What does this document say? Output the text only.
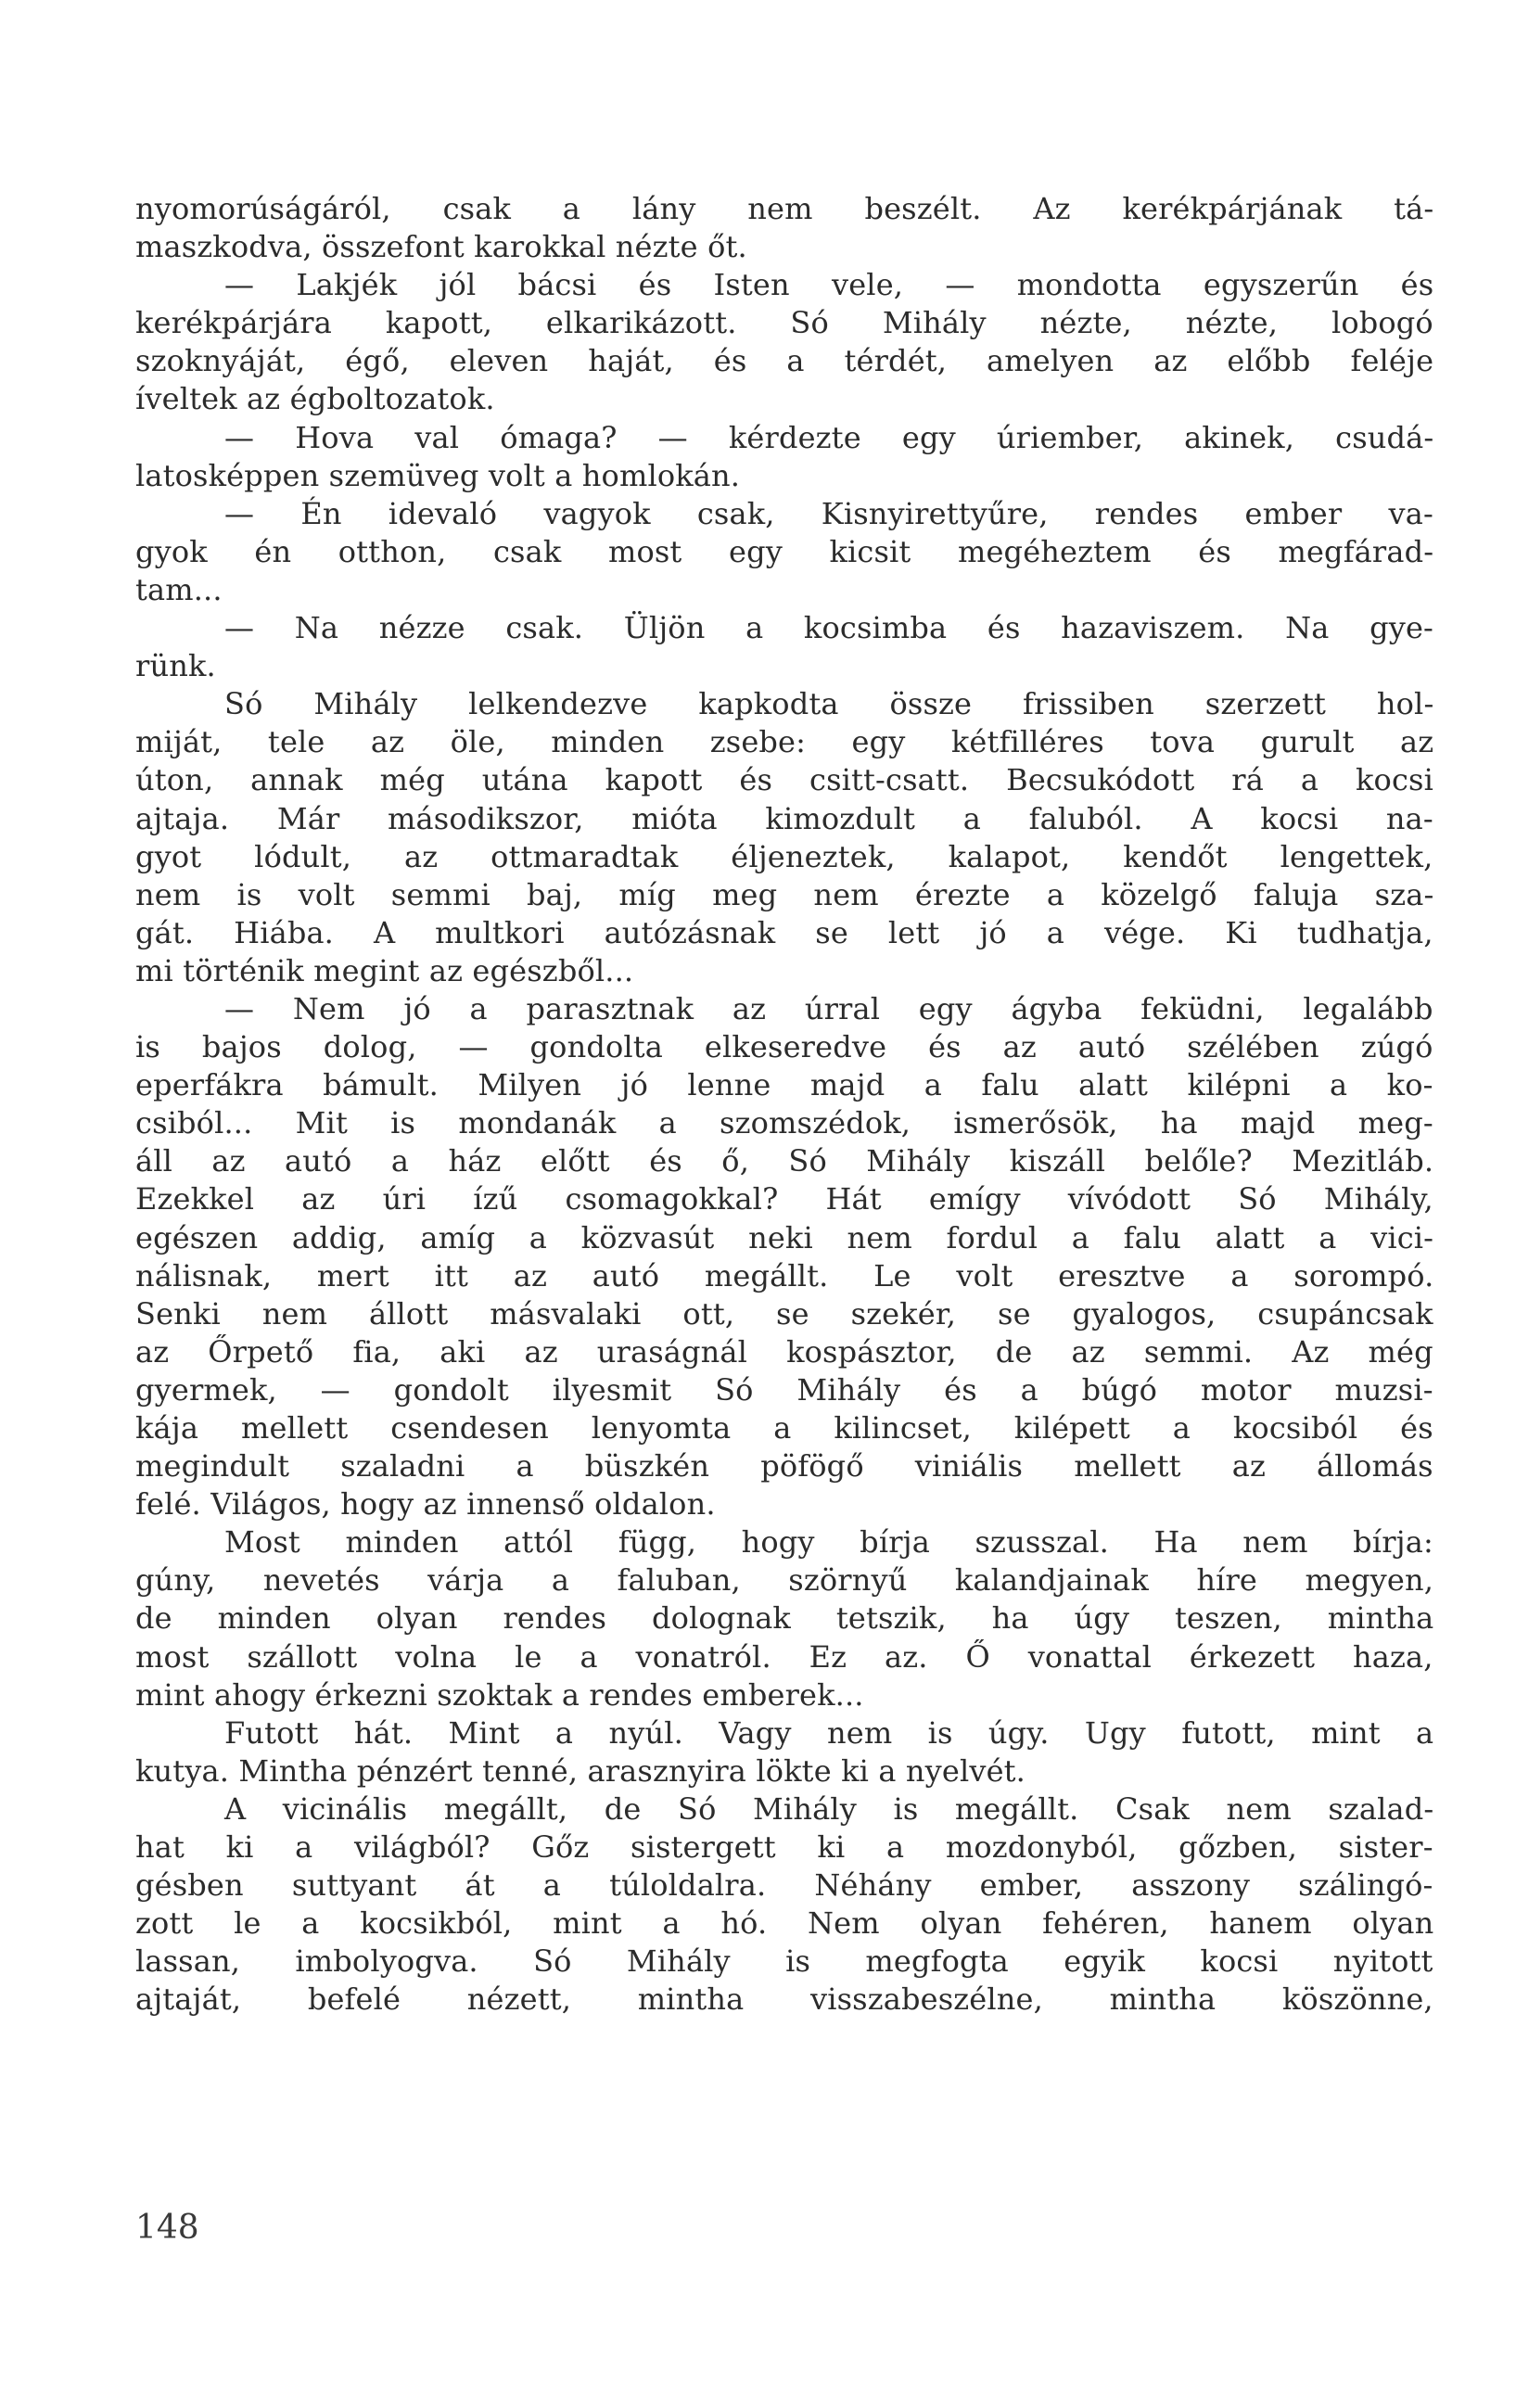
nyomorúságáról, csak a lány nem beszélt. Az kerékpárjának tá-
maszkodva, összefont karokkal nézte őt.
— Lakjék jól bácsi és Isten vele, — mondotta egyszerűn és
kerékpárjára kapott, elkarikázott. Só Mihály nézte, nézte, lobogó
szoknyáját, égő, eleven haját, és a térdét, amelyen az előbb feléje
íveltek az égboltozatok.
— Hova val ómaga? — kérdezte egy úriember, akinek, csudá-
latosképpen szemüveg volt a homlokán.
— Én idevaló vagyok csak, Kisnyirettyűre, rendes ember va-
gyok én otthon, csak most egy kicsit megéheztem és megfárad-
tam...
— Na nézze csak. Üljön a kocsimba és hazaviszem. Na gye-
rünk.
Só Mihály lelkendezve kapkodta össze frissiben szerzett hol-
miját, tele az öle, minden zsebe: egy kétfilléres tova gurult az
úton, annak még utána kapott és csitt-csatt. Becsukódott rá a kocsi
ajtaja. Már másodikszor, mióta kimozdult a faluból. A kocsi na-
gyot lódult, az ottmaradtak éljeneztek, kalapot, kendőt lengettek,
nem is volt semmi baj, míg meg nem érezte a közelgő faluja sza-
gát. Hiába. A multkori autózásnak se lett jó a vége. Ki tudhatja,
mi történik megint az egészből...
— Nem jó a parasztnak az úrral egy ágyba feküdni, legalább
is bajos dolog, — gondolta elkeseredve és az autó szélében zúgó
eperfákra bámult. Milyen jó lenne majd a falu alatt kilépni a ko-
csiból... Mit is mondanák a szomszédok, ismerősök, ha majd meg-
áll az autó a ház előtt és ő, Só Mihály kiszáll belőle? Mezitláb.
Ezekkel az úri ízű csomagokkal? Hát emígy vívódott Só Mihály,
egészen addig, amíg a közvasút neki nem fordul a falu alatt a vici-
nálisnak, mert itt az autó megállt. Le volt eresztve a sorompó.
Senki nem állott másvalaki ott, se szekér, se gyalogos, csupáncsak
az Őrpető fia, aki az uraságnál kospásztor, de az semmi. Az még
gyermek, — gondolt ilyesmit Só Mihály és a búgó motor muzsi-
kája mellett csendesen lenyomta a kilincset, kilépett a kocsiból és
megindult szaladni a büszkén pöfögő viniális mellett az állomás
felé. Világos, hogy az innenső oldalon.
Most minden attól függ, hogy bírja szusszal. Ha nem bírja:
gúny, nevetés várja a faluban, szörnyű kalandjainak híre megyen,
de minden olyan rendes dolognak tetszik, ha úgy teszen, mintha
most szállott volna le a vonatról. Ez az. Ő vonattal érkezett haza,
mint ahogy érkezni szoktak a rendes emberek...
Futott hát. Mint a nyúl. Vagy nem is úgy. Ugy futott, mint a
kutya. Mintha pénzért tenné, arasznyira lökte ki a nyelvét.
A vicinális megállt, de Só Mihály is megállt. Csak nem szalad-
hat ki a világból? Gőz sistergett ki a mozdonyból, gőzben, sister-
gésben suttyant át a túloldalra. Néhány ember, asszony szálingó-
zott le a kocsikból, mint a hó. Nem olyan fehéren, hanem olyan
lassan, imbolyogva. Só Mihály is megfogta egyik kocsi nyitott
ajtaját, befelé nézett, mintha visszabeszélne, mintha köszönne,
148
